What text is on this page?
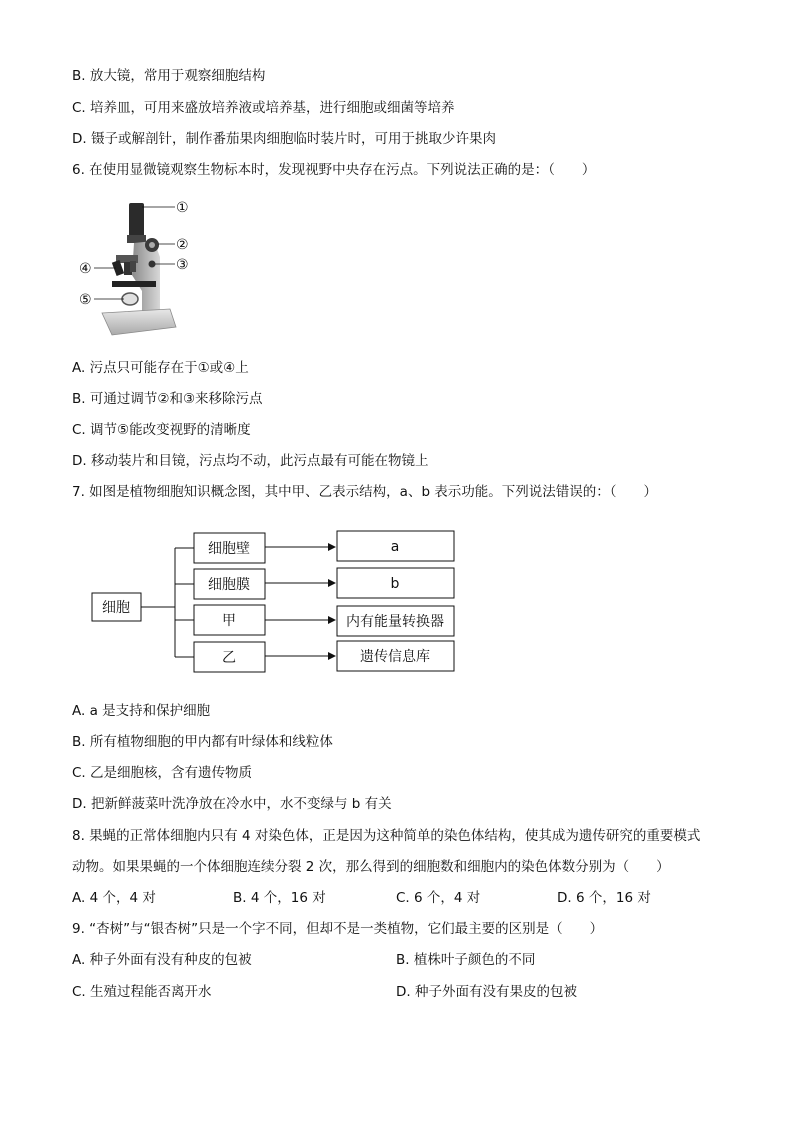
B. 放大镜，常用于观察细胞结构
C. 培养皿，可用来盛放培养液或培养基，进行细胞或细菌等培养
D. 镊子或解剖针，制作番茄果肉细胞临时装片时，可用于挑取少许果肉
6. 在使用显微镜观察生物标本时，发现视野中央存在污点。下列说法正确的是：（　　）
①
②
③
④
⑤
A. 污点只可能存在于①或④上
B. 可通过调节②和③来移除污点
C. 调节⑤能改变视野的清晰度
D. 移动装片和目镜，污点均不动，此污点最有可能在物镜上
7. 如图是植物细胞知识概念图，其中甲、乙表示结构，a、b 表示功能。下列说法错误的：（　　）
细胞
细胞壁
细胞膜
甲
乙
a
b
内有能量转换器
遗传信息库
A. a 是支持和保护细胞
B. 所有植物细胞的甲内都有叶绿体和线粒体
C. 乙是细胞核，含有遗传物质
D. 把新鲜菠菜叶洗净放在冷水中，水不变绿与 b 有关
8. 果蝇的正常体细胞内只有 4 对染色体，正是因为这种简单的染色体结构，使其成为遗传研究的重要模式
动物。如果果蝇的一个体细胞连续分裂 2 次，那么得到的细胞数和细胞内的染色体数分别为（　　）
A. 4 个，4 对	B. 4 个，16 对	C. 6 个，4 对	D. 6 个，16 对
9. “杏树”与“银杏树”只是一个字不同，但却不是一类植物，它们最主要的区别是（　　）
A. 种子外面有没有种皮的包被	B. 植株叶子颜色的不同
C. 生殖过程能否离开水	D. 种子外面有没有果皮的包被
